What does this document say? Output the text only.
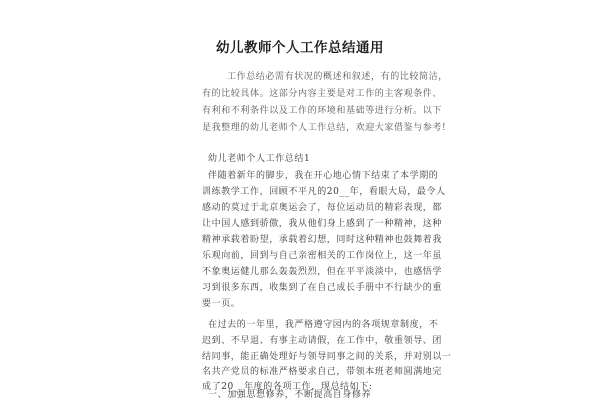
幼儿教师个人工作总结通用
工作总结必需有状况的概述和叙述，有的比较简洁，
有的比较具体。这部分内容主要是对工作的主客观条件、
有利和不利条件以及工作的环境和基础等进行分析。以下
是我整理的幼儿老师个人工作总结，欢迎大家借鉴与参考!
幼儿老师个人工作总结1
伴随着新年的脚步，我在开心地心情下结束了本学期的
训练教学工作，回顾不平凡的20__年，看眼大局，最令人
感动的莫过于北京奥运会了，每位运动员的精彩表现，都
让中国人感到骄傲，我从他们身上感到了一种精神，这种
精神承载着盼望，承载着幻想，同时这种精神也鼓舞着我
乐观向前，回到与自己亲密相关的工作岗位上，这一年虽
不象奥运健儿那么轰轰烈烈，但在平平淡淡中，也感悟学
习到很多东西，收集到了在自己成长手册中不行缺少的重
要一页。
在过去的一年里，我严格遵守园内的各项规章制度，不
迟到、不早退、有事主动请假，在工作中，敬重领导、团
结同事，能正确处理好与领导同事之间的关系，并对别以一
名共产党员的标准严格要求自己，带领本班老师圆满地完
成了20__年度的各项工作，现总结如下:
一、加强思想修养，不断提高自身修养
